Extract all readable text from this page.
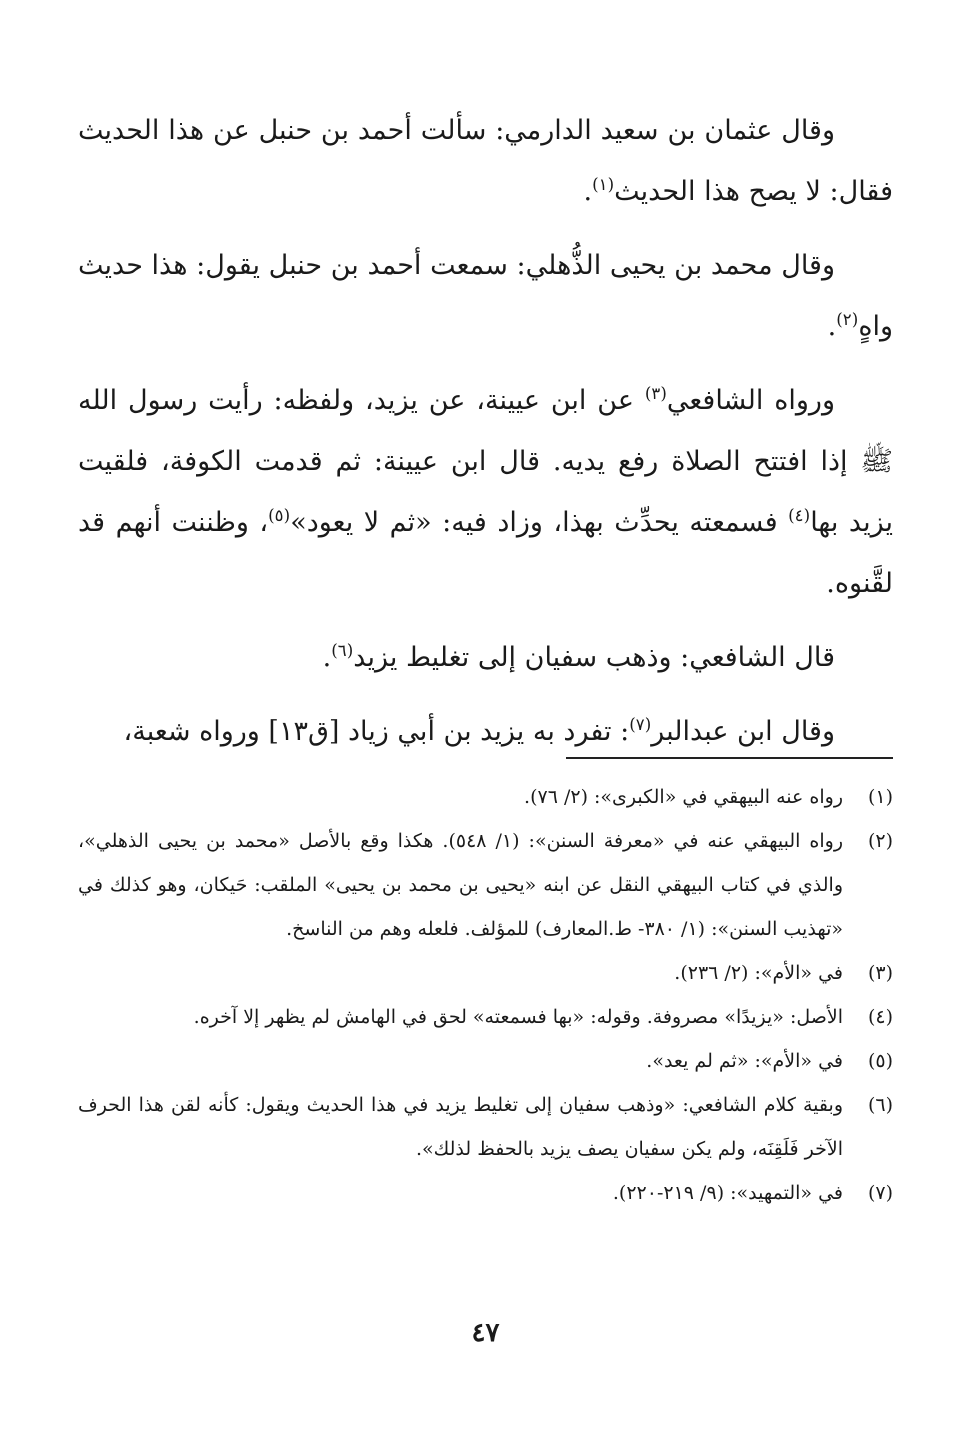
وقال عثمان بن سعيد الدارمي: سألت أحمد بن حنبل عن هذا الحديث فقال: لا يصح هذا الحديث$^{(١)}$.

وقال محمد بن يحيى الذُّهلي: سمعت أحمد بن حنبل يقول: هذا حديث واهٍ$^{(٢)}$.

ورواه الشافعي$^{(٣)}$ عن ابن عيينة، عن يزيد، ولفظه: رأيت رسول الله ﷺ إذا افتتح الصلاة رفع يديه. قال ابن عيينة: ثم قدمت الكوفة، فلقيت يزيد بها$^{(٤)}$ فسمعته يحدِّث بهذا، وزاد فيه: «ثم لا يعود»$^{(٥)}$، وظننت أنهم قد لقَّنوه.

قال الشافعي: وذهب سفيان إلى تغليط يزيد$^{(٦)}$.

وقال ابن عبدالبر$^{(٧)}$: تفرد به يزيد بن أبي زياد [ق١٣] ورواه شعبة،

(١)
رواه عنه البيهقي في «الكبرى»: (٢/ ٧٦).
(٢)
رواه البيهقي عنه في «معرفة السنن»: (١/ ٥٤٨). هكذا وقع بالأصل «محمد بن يحيى الذهلي»، والذي في كتاب البيهقي النقل عن ابنه «يحيى بن محمد بن يحيى» الملقب: حَيكان، وهو كذلك في «تهذيب السنن»: (١/ ٣٨٠- ط.المعارف) للمؤلف. فلعله وهم من الناسخ.
(٣)
في «الأم»: (٢/ ٢٣٦).
(٤)
الأصل: «يزيدًا» مصروفة. وقوله: «بها فسمعته» لحق في الهامش لم يظهر إلا آخره.
(٥)
في «الأم»: «ثم لم يعد».
(٦)
وبقية كلام الشافعي: «وذهب سفيان إلى تغليط يزيد في هذا الحديث ويقول: كأنه لقن هذا الحرف الآخر فَلَقِنَه، ولم يكن سفيان يصف يزيد بالحفظ لذلك».
(٧)
في «التمهيد»: (٩/ ٢١٩-٢٢٠).
٤٧
